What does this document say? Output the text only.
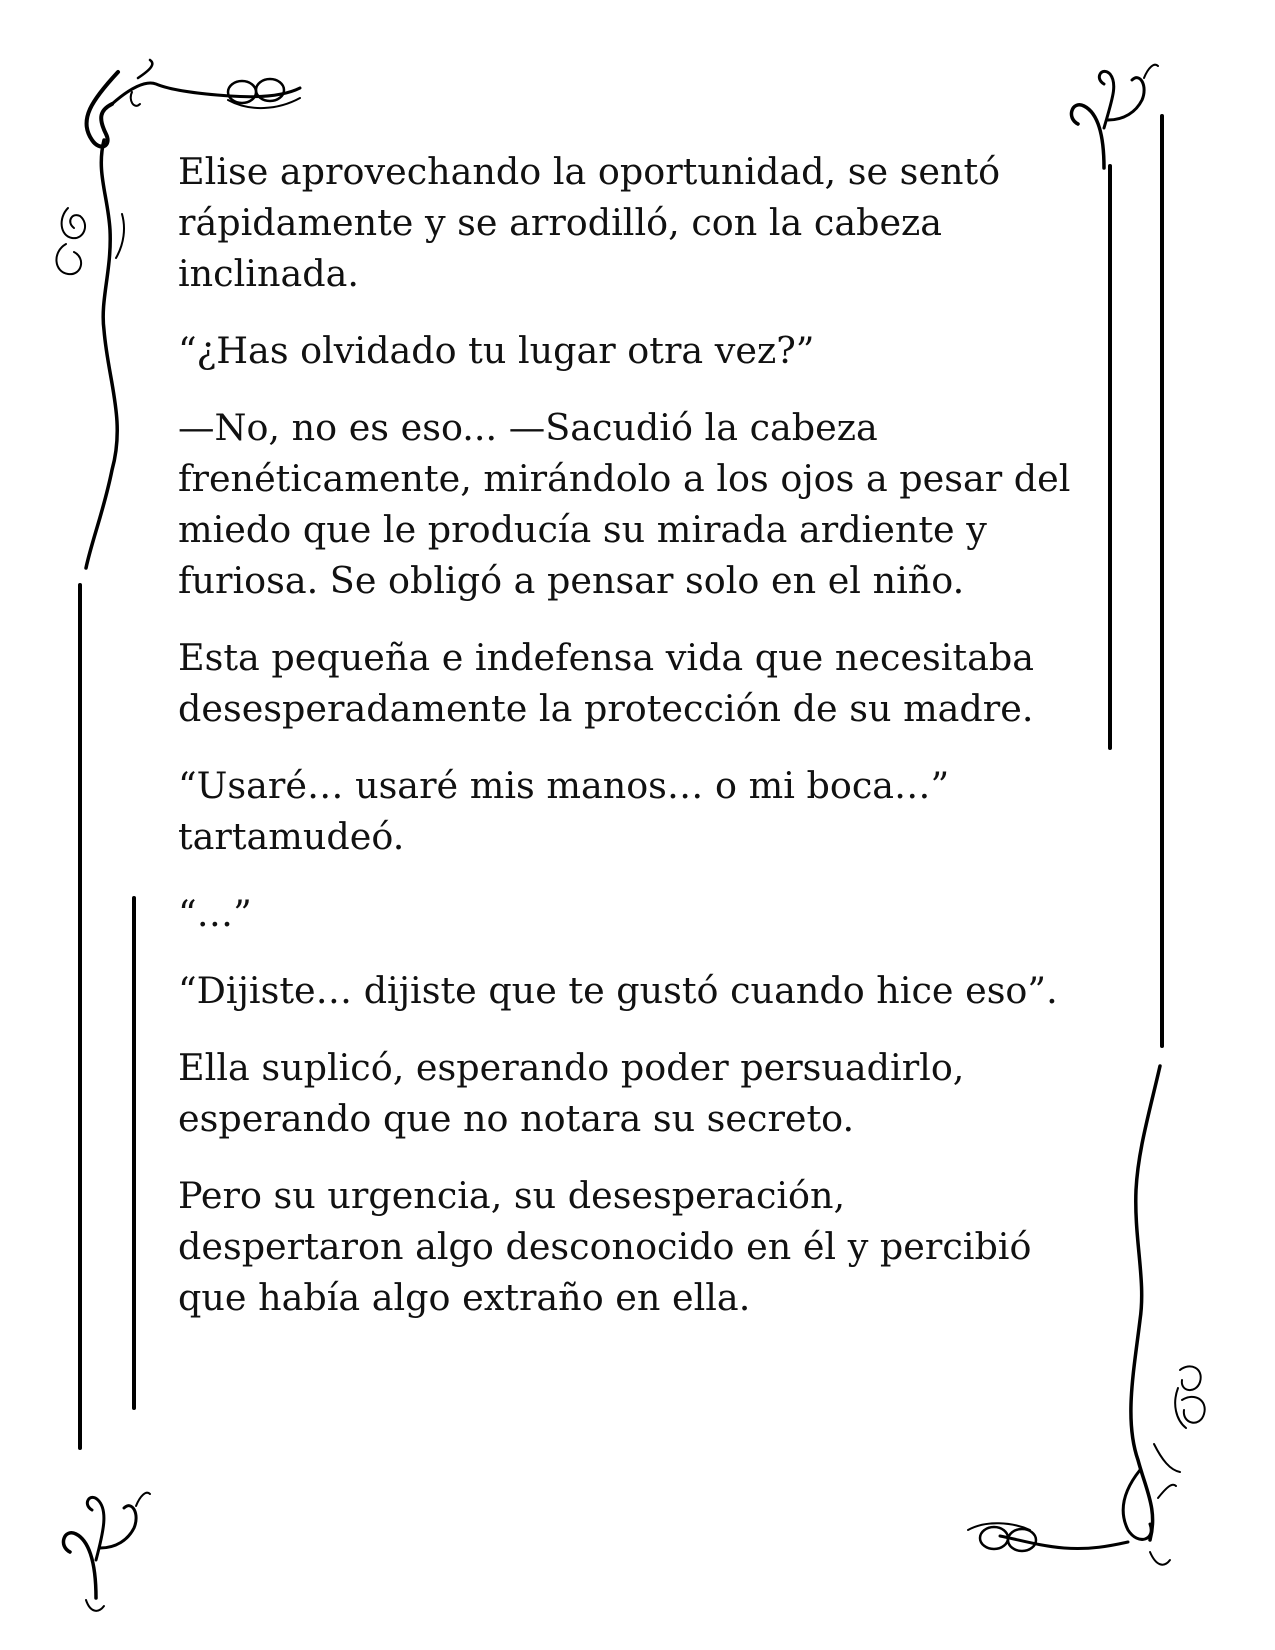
Elise aprovechando la oportunidad, se sentó
rápidamente y se arrodilló, con la cabeza
inclinada.

“¿Has olvidado tu lugar otra vez?”

—No, no es eso... —Sacudió la cabeza
frenéticamente, mirándolo a los ojos a pesar del
miedo que le producía su mirada ardiente y
furiosa. Se obligó a pensar solo en el niño.

Esta pequeña e indefensa vida que necesitaba
desesperadamente la protección de su madre.

“Usaré… usaré mis manos… o mi boca…”
tartamudeó.

“…”

“Dijiste… dijiste que te gustó cuando hice eso”.

Ella suplicó, esperando poder persuadirlo,
esperando que no notara su secreto.

Pero su urgencia, su desesperación,
despertaron algo desconocido en él y percibió
que había algo extraño en ella.
